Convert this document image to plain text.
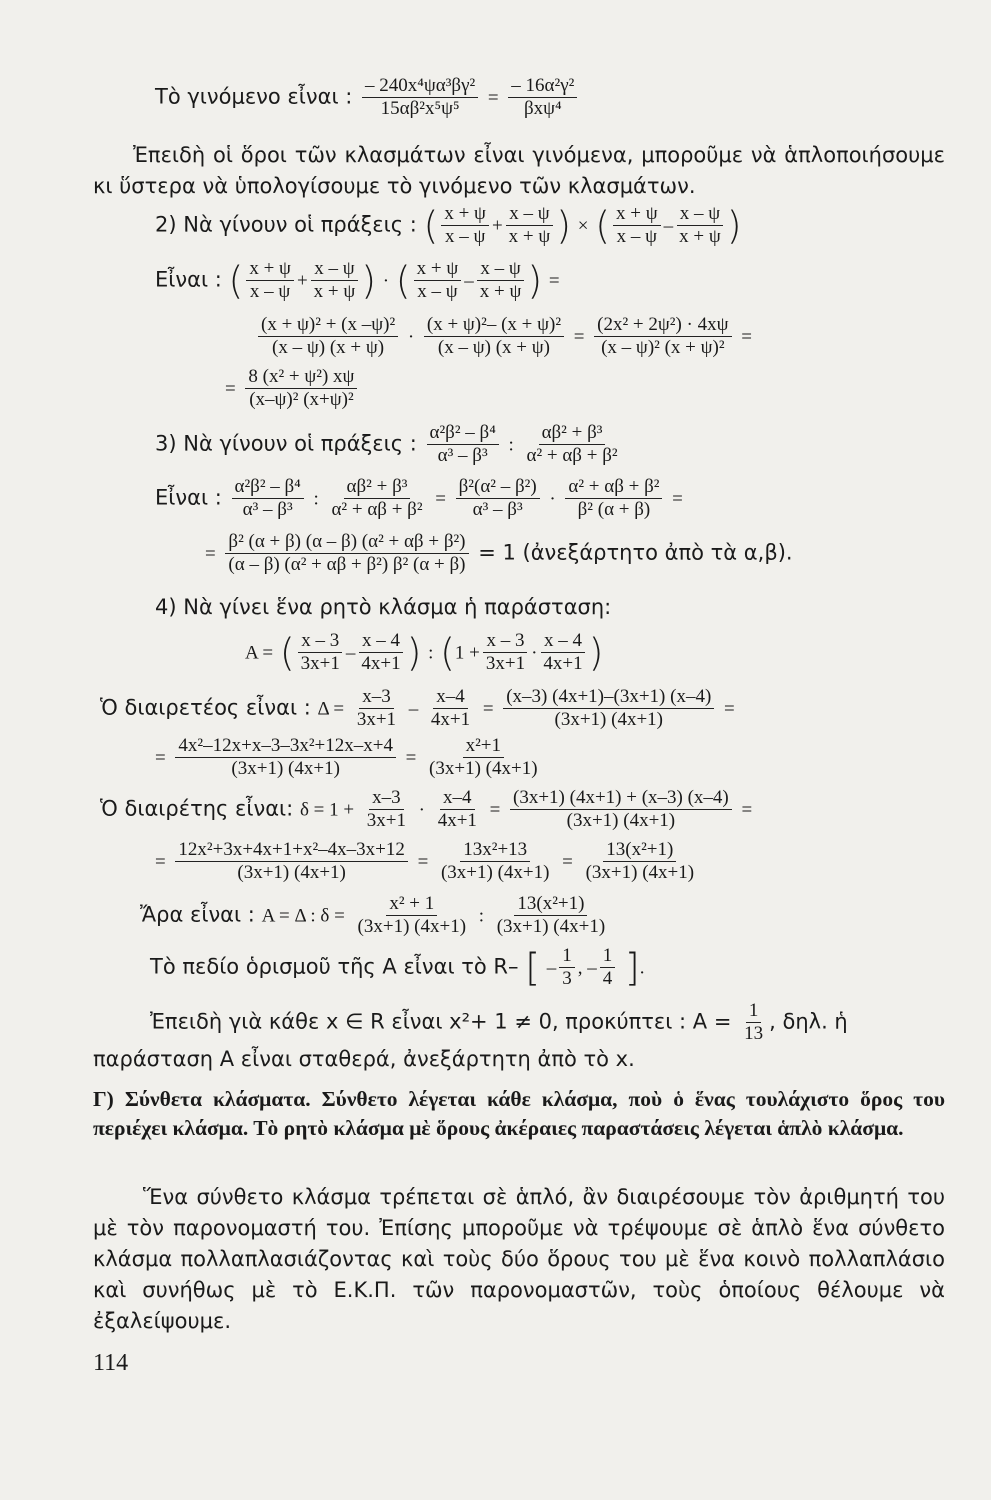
Τὸ γινόμενο εἶναι : $\frac{\text{– 240x⁴ψα³βγ²}}{\text{15αβ²x⁵ψ⁵}}$ =
– 16α²γ²
βxψ⁴
Ἐπειδὴ οἱ ὅροι τῶν κλασμάτων εἶναι γινόμενα, μποροῦμε νὰ ἁπλοποιήσουμε κι ὕστερα νὰ ὑπολογίσουμε τὸ γινόμενο τῶν κλασμάτων.
2) Νὰ γίνουν οἱ πράξεις : ( $\frac{x + \psi}{x - \psi} + \frac{x - \psi}{x + \psi}$ ) × ( $\frac{x + \psi}{x - \psi} - \frac{x - \psi}{x + \psi}$ )
Εἶναι : ( $\frac{x + \psi}{x - \psi} + \frac{x - \psi}{x + \psi}$ ) · ( $\frac{x + \psi}{x - \psi} - \frac{x - \psi}{x + \psi}$ ) =
$\frac{\text{(x + ψ)² + (x –ψ)²}}{(x - \psi) (x + \psi)} \cdot \frac{\text{(x + ψ)²– (x + ψ)²}}{(x - \psi) (x + \psi)} = \frac{\text{(2x² + 2ψ²) · 4xψ}}{\text{(x – ψ)² (x + ψ)²}}$ =
= $\frac{\text{8 (x² + ψ²) xψ}}{\text{(x–ψ)² (x+ψ)²}}$
3) Νὰ γίνουν οἱ πράξεις : $\frac{\text{α²β² – β⁴}}{\text{α³ – β³}}$ : $\frac{\text{αβ² + β³}}{\text{α² + αβ + β²}}$
Εἶναι : $\frac{\text{α²β² – β⁴}}{\text{α³ – β³}}$ : $\frac{\text{αβ² + β³}}{\text{α² + αβ + β²}} = \frac{\text{β²(α² – β²)}}{\text{α³ – β³}} \cdot \frac{\text{α² + αβ + β²}}{\text{β² (α + β)}}$ =
= $\frac{\text{β² (α + β) (α – β) (α² + αβ + β²)}}{\text{(α – β) (α² + αβ + β²) β² (α + β)}} = 1$ (ἀνεξάρτητο ἀπὸ τὰ α,β).
4) Νὰ γίνει ἕνα ρητὸ κλάσμα ἡ παράσταση:
A = ( $\frac{x - 3}{3x+1} - \frac{x - 4}{4x+1}$ ) : ($1 + \frac{x - 3}{3x+1} \cdot \frac{x - 4}{4x+1}$ )
Ὁ διαιρετέος εἶναι : $\Delta = \frac{x-3}{3x+1} - \frac{x-4}{4x+1} = \frac{(x-3) (4x+1)-(3x+1) (x-4)}{(3x+1) (4x+1)}$ =
= $\frac{\text{4x²–12x+x–3–3x²+12x–x+4}}{(3x+1) (4x+1)} = \frac{\text{x²+1}}{(3x+1) (4x+1)}$
Ὁ διαιρέτης εἶναι: $\delta = 1 + \frac{x-3}{3x+1} \cdot \frac{x-4}{4x+1} = \frac{(3x+1) (4x+1) + (x-3) (x-4)}{(3x+1) (4x+1)}$ =
= $\frac{\text{12x²+3x+4x+1+x²–4x–3x+12}}{(3x+1) (4x+1)} = \frac{\text{13x²+13}}{(3x+1) (4x+1)} = \frac{\text{13(x²+1)}}{(3x+1) (4x+1)}$
Ἄρα εἶναι : A = Δ : $\delta = \frac{\text{x² + 1}}{(3x+1) (4x+1)}$ : $\frac{\text{13(x²+1)}}{(3x+1) (4x+1)}$
Τὸ πεδίο ὁρισμοῦ τῆς A εἶναι τὸ R– [ – $\frac{1}{3}$ , – $\frac{1}{4}$ ].
Ἐπειδὴ γιὰ κάθε x ∈ R εἶναι x²+ 1 ≠ 0, προκύπτει : $A = \frac{1}{13}$ , δηλ. ἡ
παράσταση A εἶναι σταθερά, ἀνεξάρτητη ἀπὸ τὸ x.
Γ) Σύνθετα κλάσματα. Σύνθετο λέγεται κάθε κλάσμα, ποὺ ὁ ἕνας τουλάχιστο ὅρος του περιέχει κλάσμα. Τὸ ρητὸ κλάσμα μὲ ὅρους ἀκέραιες παραστάσεις λέγεται ἁπλὸ κλάσμα.
Ἕνα σύνθετο κλάσμα τρέπεται σὲ ἁπλό, ἂν διαιρέσουμε τὸν ἀριθμητή του μὲ τὸν παρονομαστή του. Ἐπίσης μποροῦμε νὰ τρέψουμε σὲ ἁπλὸ ἕνα σύνθετο κλάσμα πολλαπλασιάζοντας καὶ τοὺς δύο ὅρους του μὲ ἕνα κοινὸ πολλαπλάσιο καὶ συνήθως μὲ τὸ Ε.Κ.Π. τῶν παρονομαστῶν, τοὺς ὁποίους θέλουμε νὰ ἐξαλείψουμε.
114
